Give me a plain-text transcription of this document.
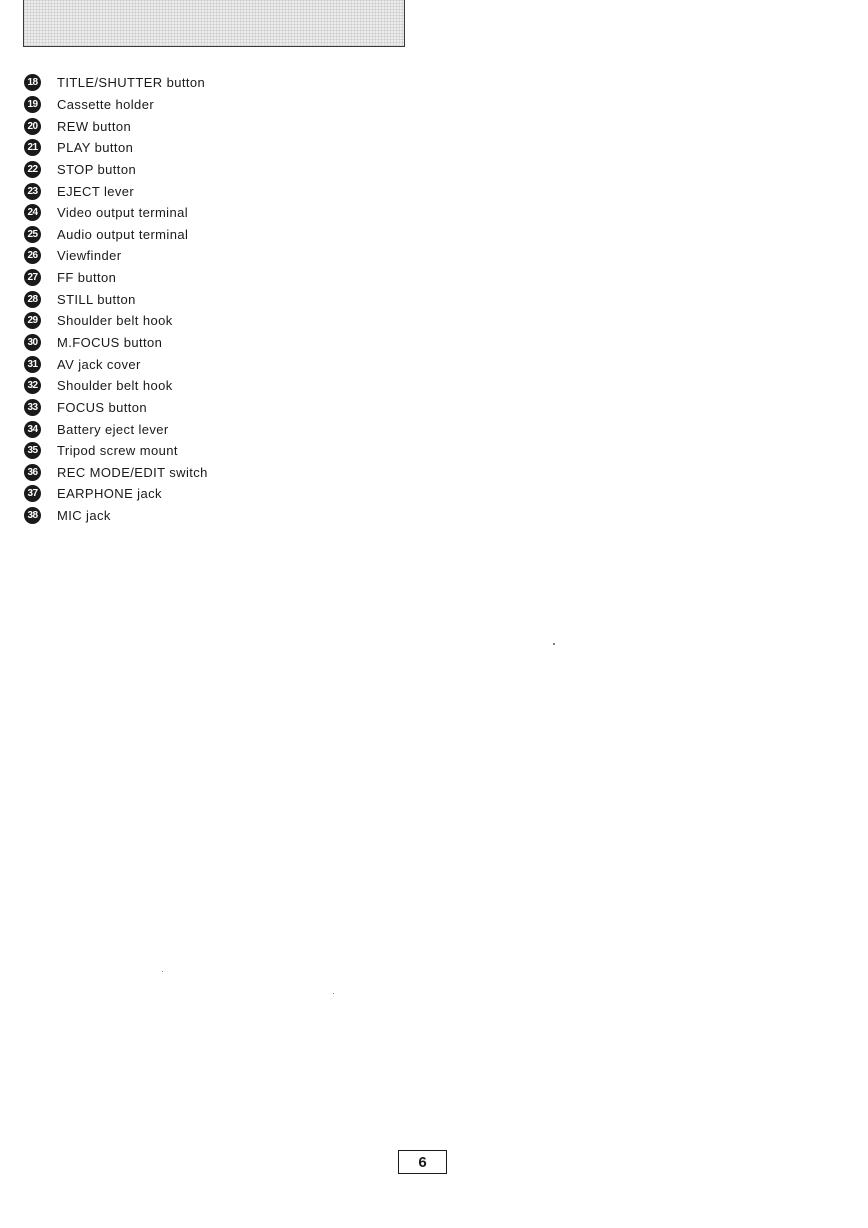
18 TITLE/SHUTTER button
19 Cassette holder
20 REW button
21 PLAY button
22 STOP button
23 EJECT lever
24 Video output terminal
25 Audio output terminal
26 Viewfinder
27 FF button
28 STILL button
29 Shoulder belt hook
30 M.FOCUS button
31 AV jack cover
32 Shoulder belt hook
33 FOCUS button
34 Battery eject lever
35 Tripod screw mount
36 REC MODE/EDIT switch
37 EARPHONE jack
38 MIC jack
6
